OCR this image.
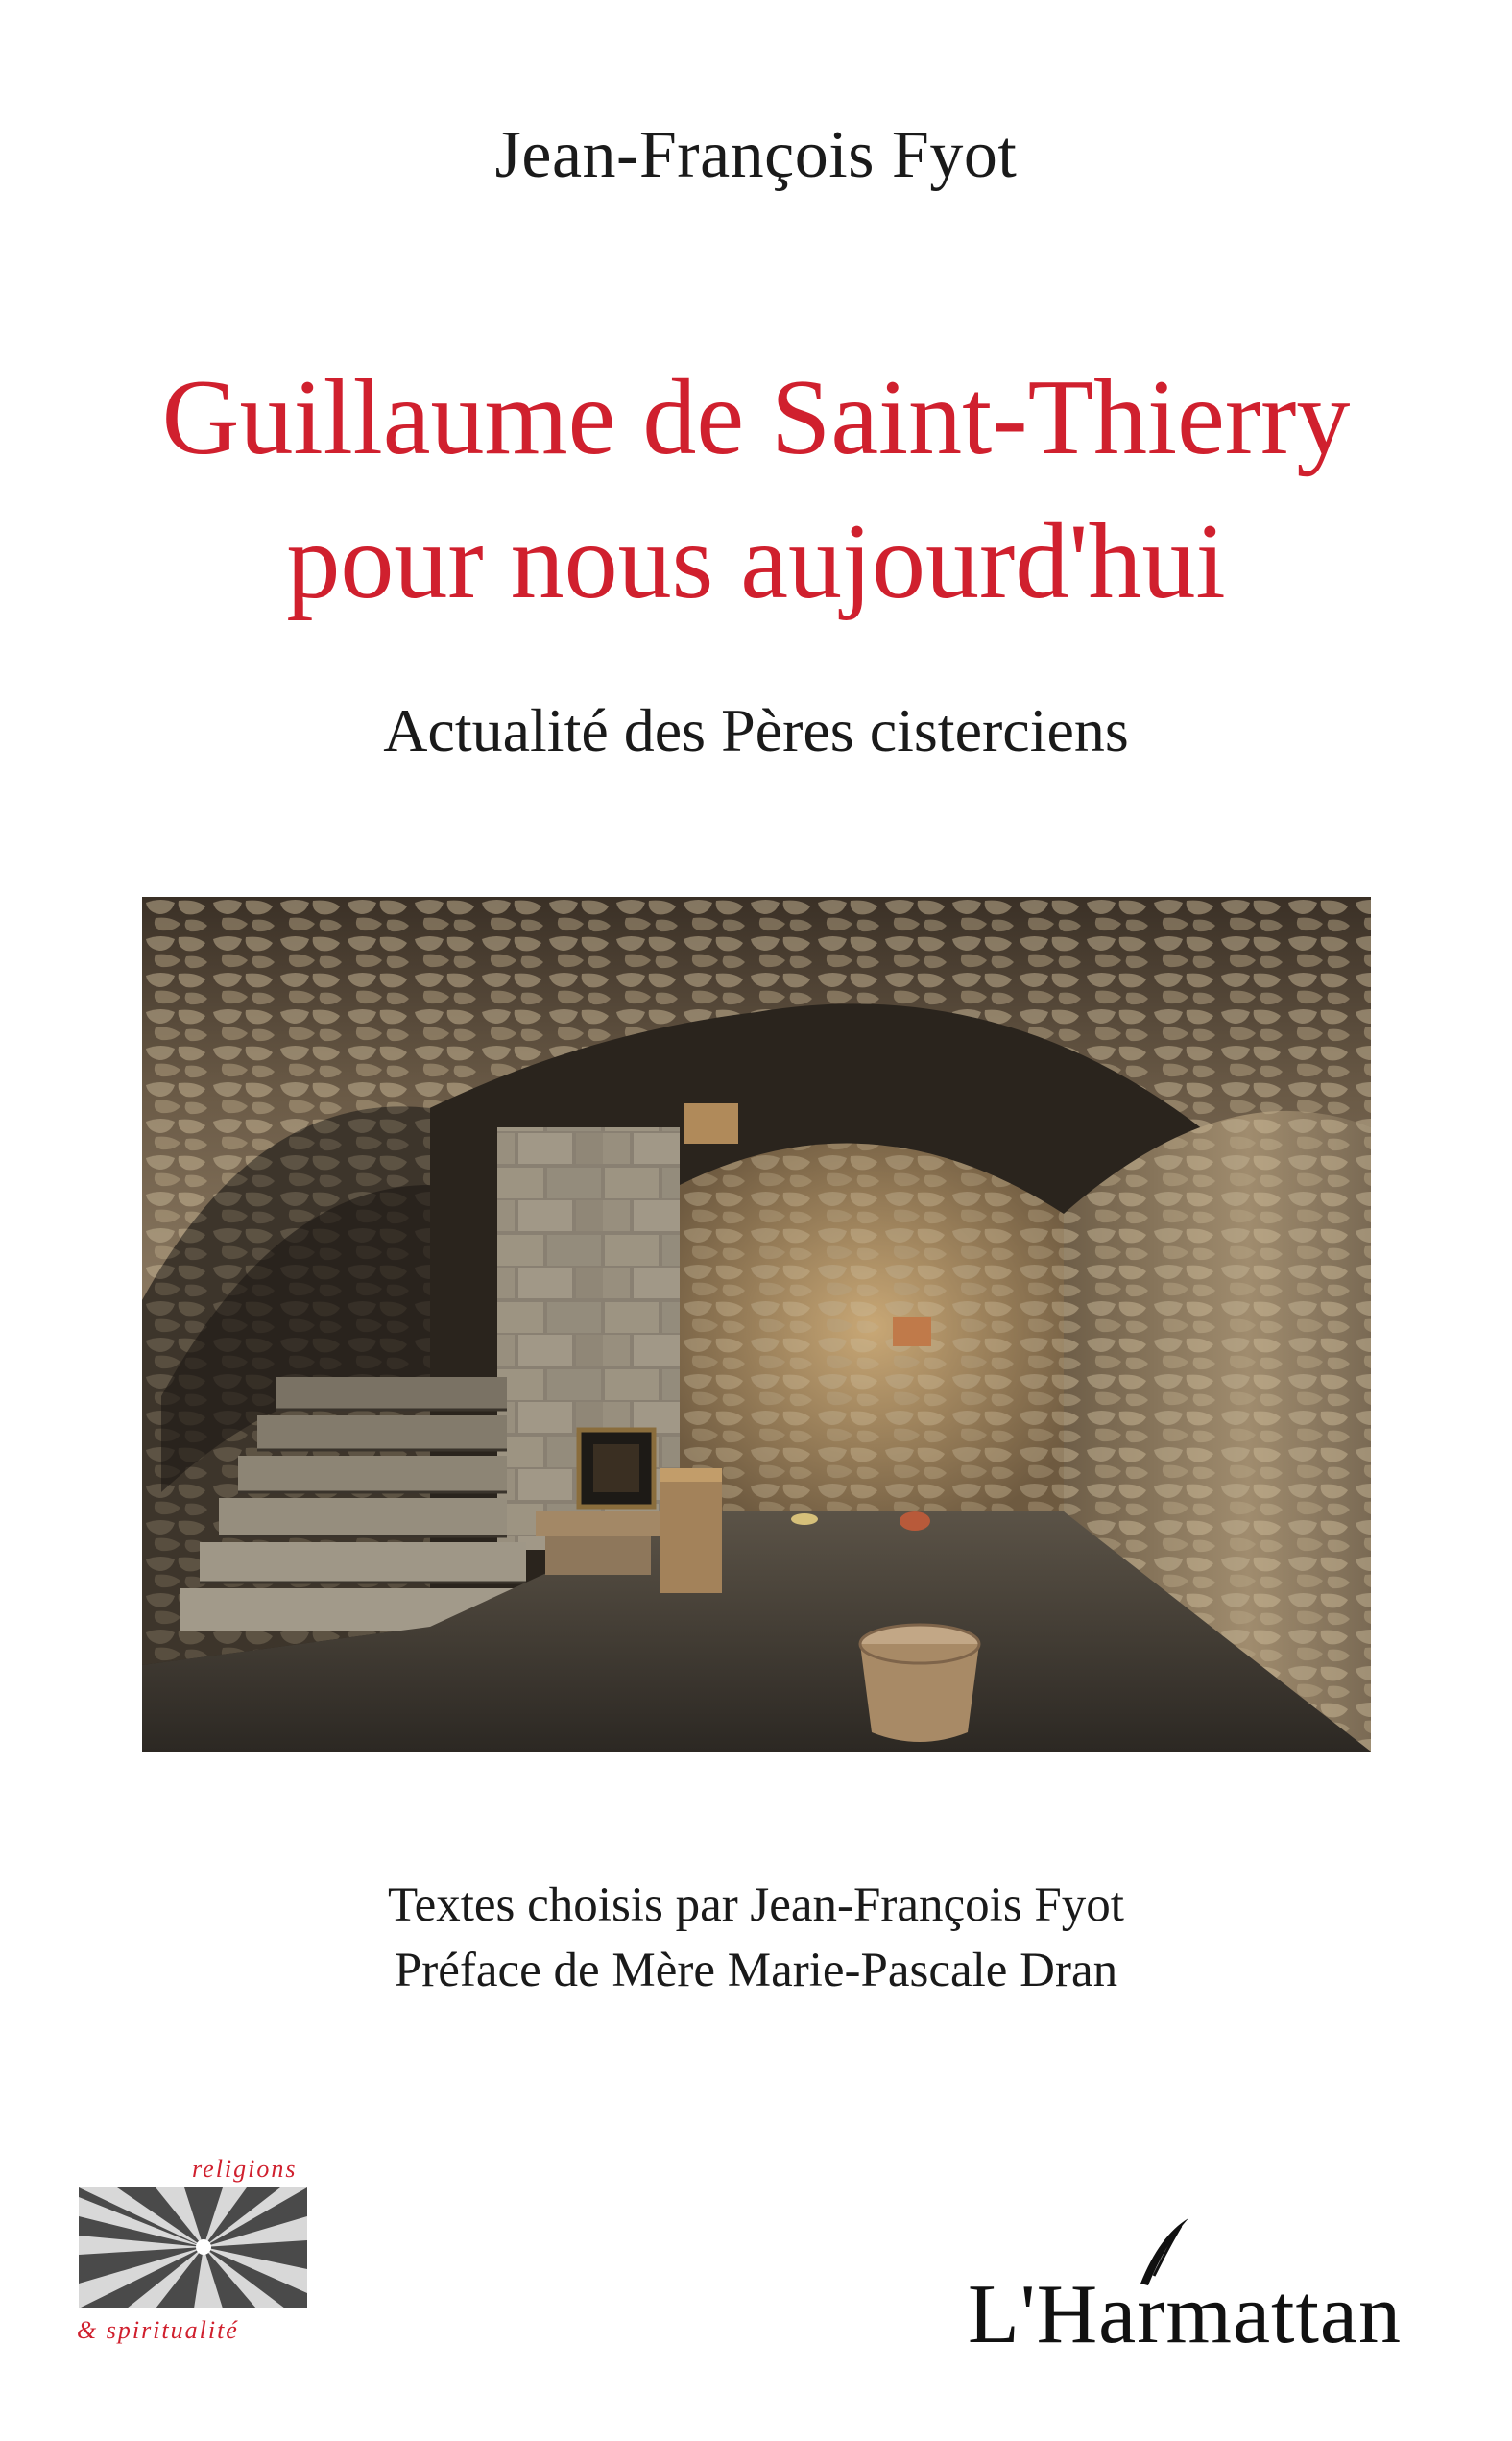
Jean-François Fyot
Guillaume de Saint-Thierry
pour nous aujourd'hui
Actualité des Pères cisterciens
Textes choisis par Jean-François Fyot
Préface de Mère Marie-Pascale Dran
religions
& spiritualité	L'Harmattan
